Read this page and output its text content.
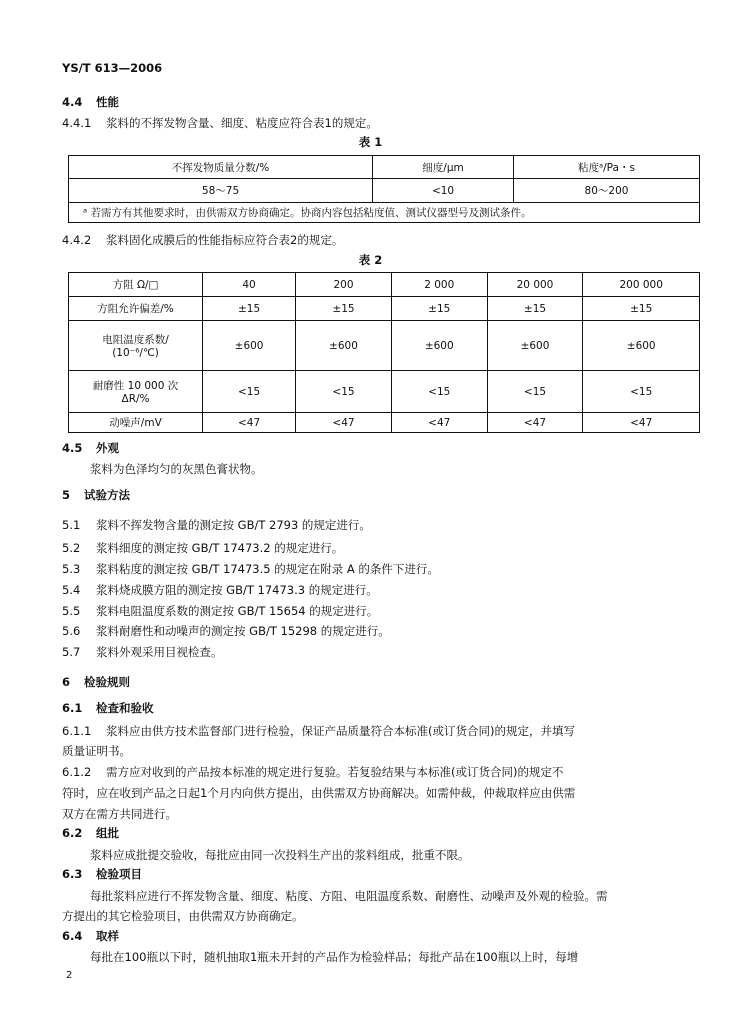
YS/T 613—2006
4.4 性能
4.4.1 浆料的不挥发物含量、细度、粘度应符合表1的规定。
表 1
不挥发物质量分数/%	细度/μm	粘度ᵃ/Pa・s
58～75	<10	80～200
ᵃ 若需方有其他要求时，由供需双方协商确定。协商内容包括粘度值、测试仪器型号及测试条件。		
4.4.2 浆料固化成膜后的性能指标应符合表2的规定。
表 2
方阻 Ω/□	40	200	2 000	20 000	200 000
方阻允许偏差/%	±15	±15	±15	±15	±15
电阻温度系数/
(10⁻⁶/℃)	±600	±600	±600	±600	±600
耐磨性 10 000 次
ΔR/%	<15	<15	<15	<15	<15
动噪声/mV	<47	<47	<47	<47	<47
4.5 外观
浆料为色泽均匀的灰黑色膏状物。
5 试验方法
5.1 浆料不挥发物含量的测定按 GB/T 2793 的规定进行。
5.2 浆料细度的测定按 GB/T 17473.2 的规定进行。
5.3 浆料粘度的测定按 GB/T 17473.5 的规定在附录 A 的条件下进行。
5.4 浆料烧成膜方阻的测定按 GB/T 17473.3 的规定进行。
5.5 浆料电阻温度系数的测定按 GB/T 15654 的规定进行。
5.6 浆料耐磨性和动噪声的测定按 GB/T 15298 的规定进行。
5.7 浆料外观采用目视检查。
6 检验规则
6.1 检查和验收
6.1.1 浆料应由供方技术监督部门进行检验，保证产品质量符合本标准(或订货合同)的规定，并填写
质量证明书。
6.1.2 需方应对收到的产品按本标准的规定进行复验。若复验结果与本标准(或订货合同)的规定不
符时，应在收到产品之日起1个月内向供方提出，由供需双方协商解决。如需仲裁，仲裁取样应由供需
双方在需方共同进行。
6.2 组批
浆料应成批提交验收，每批应由同一次投料生产出的浆料组成，批重不限。
6.3 检验项目
每批浆料应进行不挥发物含量、细度、粘度、方阻、电阻温度系数、耐磨性、动噪声及外观的检验。需
方提出的其它检验项目，由供需双方协商确定。
6.4 取样
每批在100瓶以下时，随机抽取1瓶未开封的产品作为检验样品；每批产品在100瓶以上时，每增
2
